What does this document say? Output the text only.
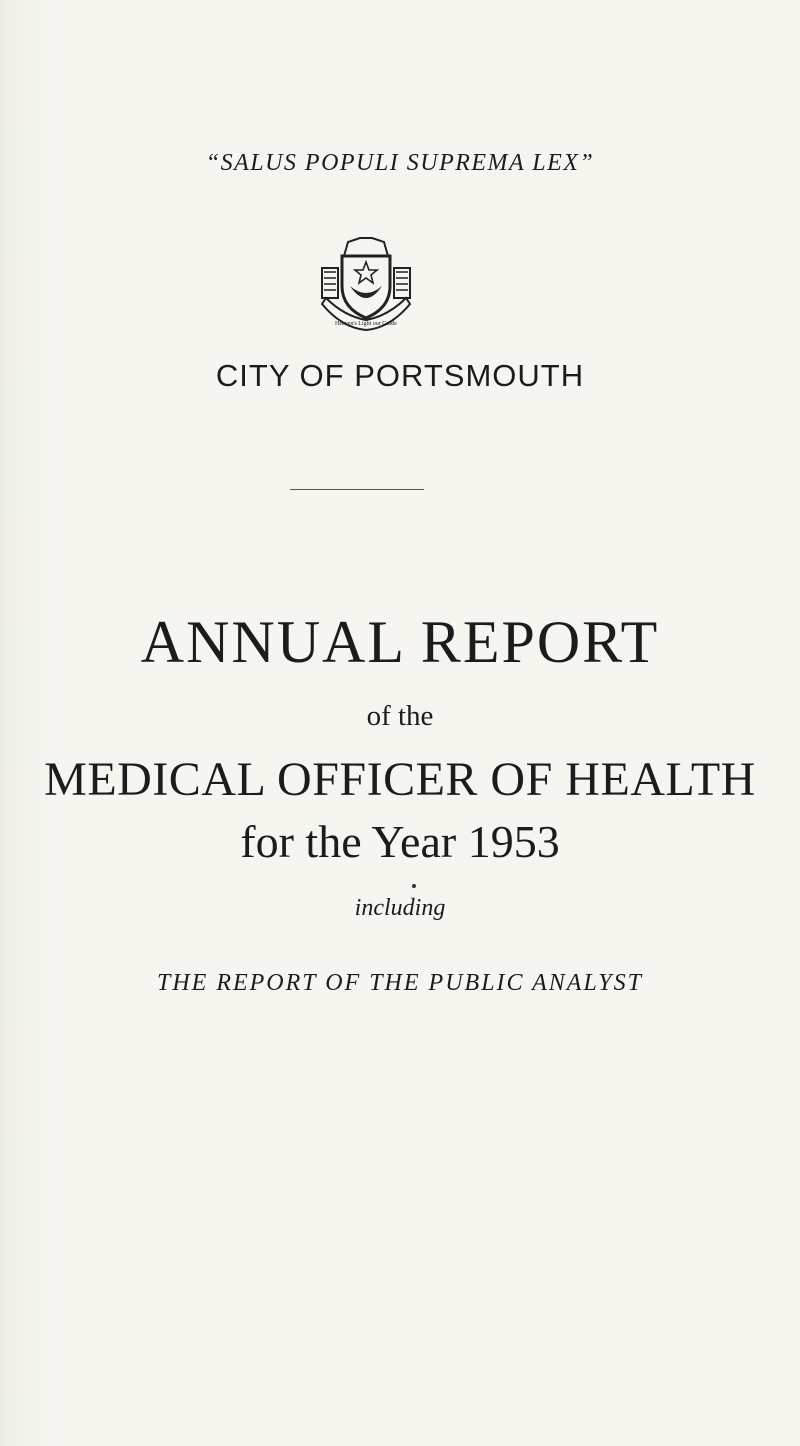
“SALUS POPULI SUPREMA LEX”
Heaven's Light our Guide
CITY OF PORTSMOUTH
ANNUAL REPORT
of the
MEDICAL OFFICER OF HEALTH
for the Year 1953
including
THE REPORT OF THE PUBLIC ANALYST
